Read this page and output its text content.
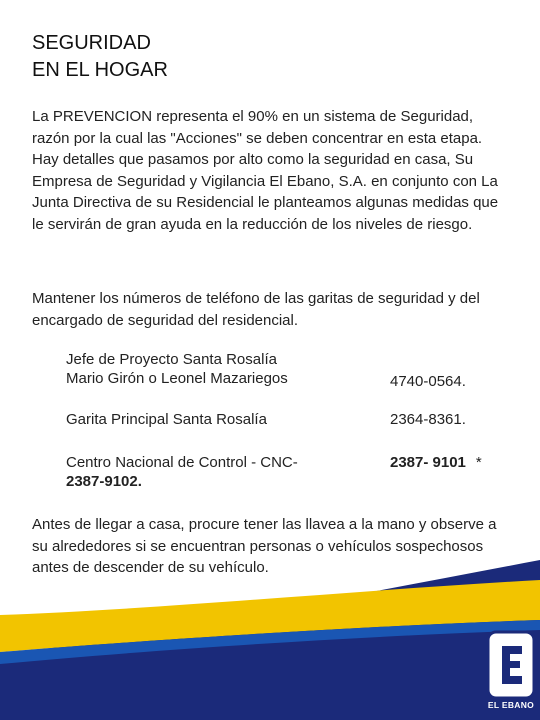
SEGURIDAD
EN EL HOGAR

La PREVENCION representa el 90% en un sistema de Seguridad, razón por la cual las "Acciones" se deben concentrar en esta etapa. Hay detalles que pasamos por alto como la seguridad en casa, Su Empresa de Seguridad y Vigilancia El Ebano, S.A. en conjunto con La Junta Directiva de su Residencial le planteamos algunas medidas que le servirán de gran ayuda en la reducción de los niveles de riesgo.

Mantener los números de teléfono de las garitas de seguridad y del encargado de seguridad del residencial.

Jefe de Proyecto Santa Rosalía
Mario Girón o Leonel Mazariegos	4740-0564.
Garita Principal Santa Rosalía	2364-8361.
Centro Nacional de Control - CNC-
2387-9102.
2387- 9101 *

Antes de llegar a casa, procure tener las llavea a la mano y observe a su alrededores si se encuentran personas o vehículos sospechosos antes de descender de su vehículo.

EL EBANO
